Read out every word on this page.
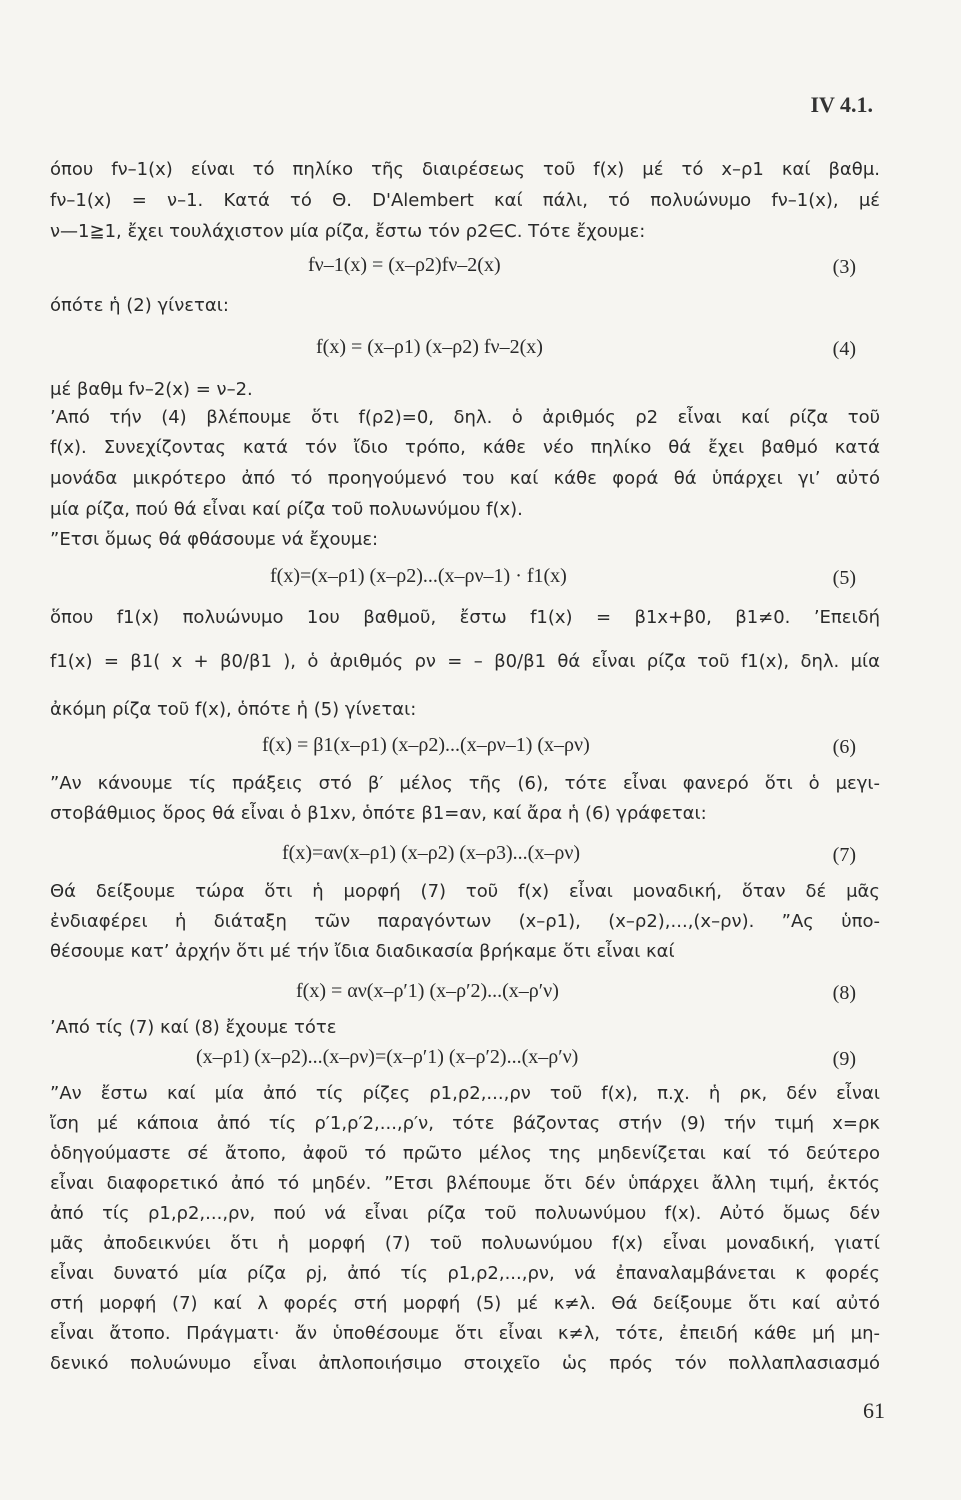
IV 4.1.
όπου fν–1(x) είναι τό πηλίκο τῆς διαιρέσεως τοῦ f(x) μέ τό x–ρ1 καί βαθμ.
fν–1(x) = ν–1. Κατά τό Θ. D'Alembert καί πάλι, τό πολυώνυμο fν–1(x), μέ
ν—1≧1, ἔχει τουλάχιστον μία ρίζα, ἔστω τόν ρ2∈C. Τότε ἔχουμε:
fν–1(x) = (x–ρ2)fν–2(x)	(3)
όπότε ἡ (2) γίνεται:
f(x) = (x–ρ1) (x–ρ2) fν–2(x)	(4)
μέ βαθμ fν–2(x) = ν–2.
’Από τήν (4) βλέπουμε ὅτι f(ρ2)=0, δηλ. ὁ ἀριθμός ρ2 εἶναι καί ρίζα τοῦ
f(x). Συνεχίζοντας κατά τόν ἴδιο τρόπο, κάθε νέο πηλίκο θά ἔχει βαθμό κατά
μονάδα μικρότερο ἀπό τό προηγούμενό του καί κάθε φορά θά ὑπάρχει γι’ αὐτό
μία ρίζα, πού θά εἶναι καί ρίζα τοῦ πολυωνύμου f(x).
”Ετσι ὅμως θά φθάσουμε νά ἔχουμε:
f(x)=(x–ρ1) (x–ρ2)...(x–ρν–1) · f1(x)	(5)
ὅπου f1(x) πολυώνυμο 1ου βαθμοῦ, ἔστω f1(x) = β1x+β0, β1≠0. ’Επειδή
f1(x) = β1( x + β0/β1 ), ὁ ἀριθμός ρν = – β0/β1 θά εἶναι ρίζα τοῦ f1(x), δηλ. μία
ἀκόμη ρίζα τοῦ f(x), ὁπότε ἡ (5) γίνεται:
f(x) = β1(x–ρ1) (x–ρ2)...(x–ρν–1) (x–ρν)	(6)
”Αν κάνουμε τίς πράξεις στό β′ μέλος τῆς (6), τότε εἶναι φανερό ὅτι ὁ μεγι-
στοβάθμιος ὅρος θά εἶναι ὁ β1xν, ὁπότε β1=αν, καί ἄρα ἡ (6) γράφεται:
f(x)=αν(x–ρ1) (x–ρ2) (x–ρ3)...(x–ρν)	(7)
Θά δείξουμε τώρα ὅτι ἡ μορφή (7) τοῦ f(x) εἶναι μοναδική, ὅταν δέ μᾶς
ἐνδιαφέρει ἡ διάταξη τῶν παραγόντων (x–ρ1), (x–ρ2),...,(x–ρν). ”Ας ὑπο-
θέσουμε κατ’ ἀρχήν ὅτι μέ τήν ἴδια διαδικασία βρήκαμε ὅτι εἶναι καί
f(x) = αν(x–ρ′1) (x–ρ′2)...(x–ρ′ν)	(8)
’Από τίς (7) καί (8) ἔχουμε τότε
(x–ρ1) (x–ρ2)...(x–ρν)=(x–ρ′1) (x–ρ′2)...(x–ρ′ν)	(9)
”Αν ἔστω καί μία ἀπό τίς ρίζες ρ1,ρ2,...,ρν τοῦ f(x), π.χ. ἡ ρκ, δέν εἶναι
ἴση μέ κάποια ἀπό τίς ρ′1,ρ′2,...,ρ′ν, τότε βάζοντας στήν (9) τήν τιμή x=ρκ
ὁδηγούμαστε σέ ἄτοπο, ἀφοῦ τό πρῶτο μέλος της μηδενίζεται καί τό δεύτερο
εἶναι διαφορετικό ἀπό τό μηδέν. ”Ετσι βλέπουμε ὅτι δέν ὑπάρχει ἄλλη τιμή, ἐκτός
ἀπό τίς ρ1,ρ2,...,ρν, πού νά εἶναι ρίζα τοῦ πολυωνύμου f(x). Αὐτό ὅμως δέν
μᾶς ἀποδεικνύει ὅτι ἡ μορφή (7) τοῦ πολυωνύμου f(x) εἶναι μοναδική, γιατί
εἶναι δυνατό μία ρίζα ρj, ἀπό τίς ρ1,ρ2,...,ρν, νά ἐπαναλαμβάνεται κ φορές
στή μορφή (7) καί λ φορές στή μορφή (5) μέ κ≠λ. Θά δείξουμε ὅτι καί αὐτό
εἶναι ἄτοπο. Πράγματι· ἄν ὑποθέσουμε ὅτι εἶναι κ≠λ, τότε, ἐπειδή κάθε μή μη-
δενικό πολυώνυμο εἶναι ἀπλοποιήσιμο στοιχεῖο ὡς πρός τόν πολλαπλασιασμό
61
